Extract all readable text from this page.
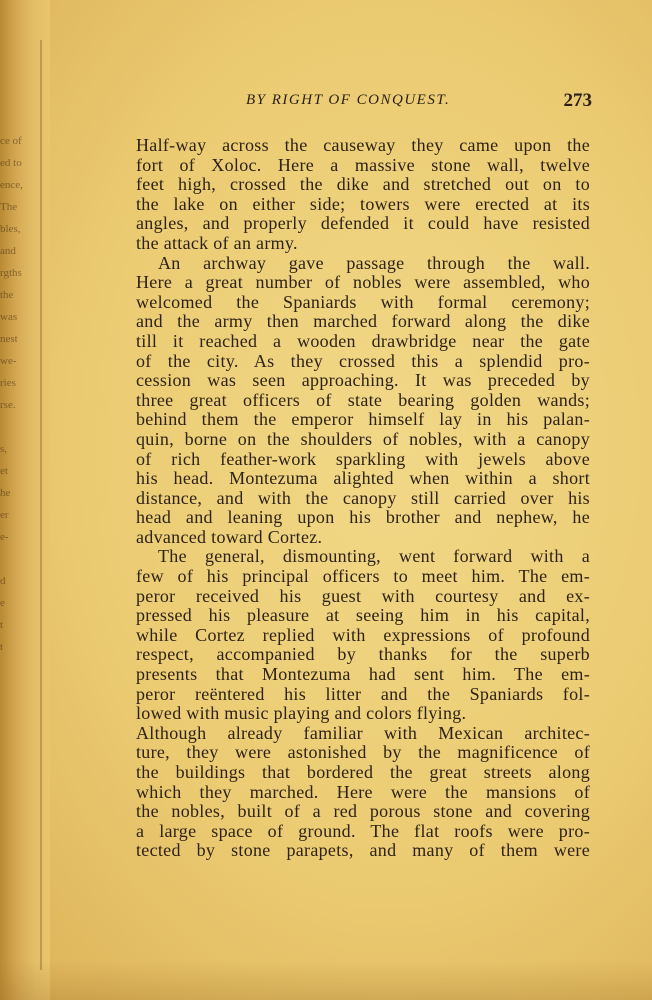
ce of
ed to
ence,
The
bles,
and
rgths
the
was
nest
we-
ries
rse.

s,
et
he
er
e-

d
e
t
t
BY RIGHT OF CONQUEST.	273
Half-way across the causeway they came upon the
fort of Xoloc. Here a massive stone wall, twelve
feet high, crossed the dike and stretched out on to
the lake on either side; towers were erected at its
angles, and properly defended it could have resisted
the attack of an army.
An archway gave passage through the wall.
Here a great number of nobles were assembled, who
welcomed the Spaniards with formal ceremony;
and the army then marched forward along the dike
till it reached a wooden drawbridge near the gate
of the city. As they crossed this a splendid pro-
cession was seen approaching. It was preceded by
three great officers of state bearing golden wands;
behind them the emperor himself lay in his palan-
quin, borne on the shoulders of nobles, with a canopy
of rich feather-work sparkling with jewels above
his head. Montezuma alighted when within a short
distance, and with the canopy still carried over his
head and leaning upon his brother and nephew, he
advanced toward Cortez.
The general, dismounting, went forward with a
few of his principal officers to meet him. The em-
peror received his guest with courtesy and ex-
pressed his pleasure at seeing him in his capital,
while Cortez replied with expressions of profound
respect, accompanied by thanks for the superb
presents that Montezuma had sent him. The em-
peror reëntered his litter and the Spaniards fol-
lowed with music playing and colors flying.
Although already familiar with Mexican architec-
ture, they were astonished by the magnificence of
the buildings that bordered the great streets along
which they marched. Here were the mansions of
the nobles, built of a red porous stone and covering
a large space of ground. The flat roofs were pro-
tected by stone parapets, and many of them were
